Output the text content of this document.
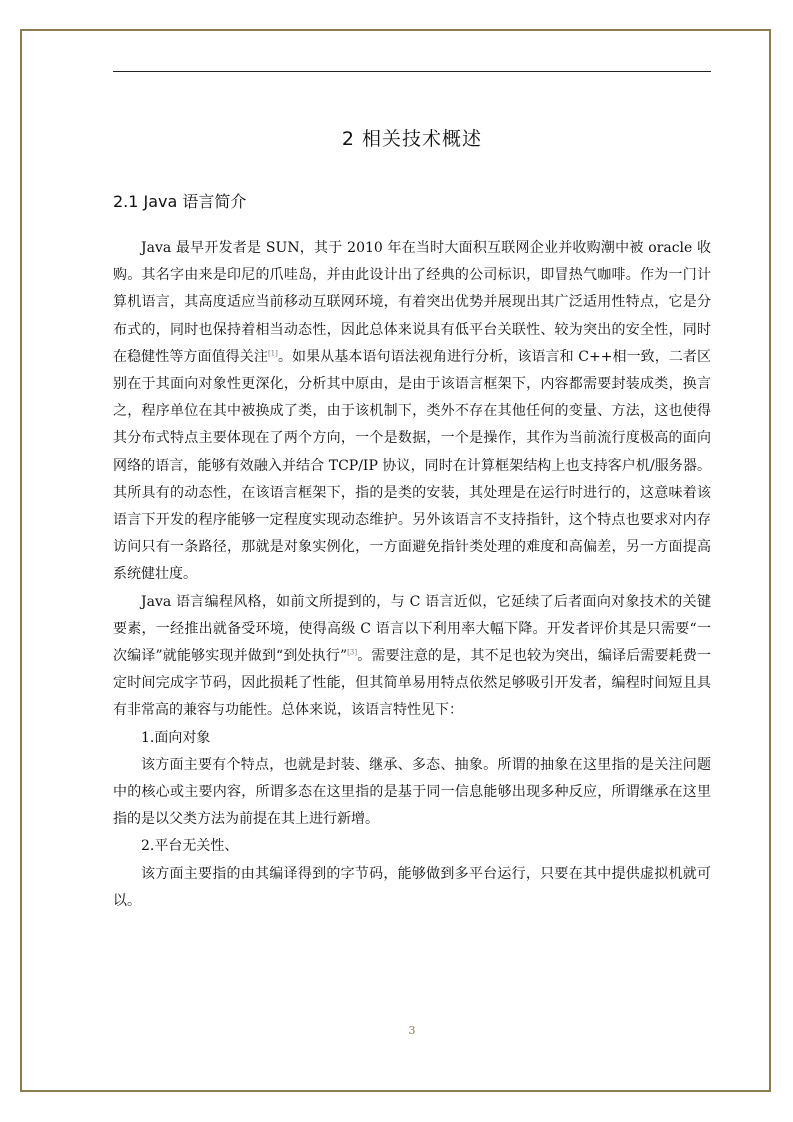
2 相关技术概述
2.1 Java 语言简介

Java 最早开发者是 SUN，其于 2010 年在当时大面积互联网企业并收购潮中被 oracle 收购。其名字由来是印尼的爪哇岛，并由此设计出了经典的公司标识，即冒热气咖啡。作为一门计算机语言，其高度适应当前移动互联网环境，有着突出优势并展现出其广泛适用性特点，它是分布式的，同时也保持着相当动态性，因此总体来说具有低平台关联性、较为突出的安全性，同时在稳健性等方面值得关注[1]。如果从基本语句语法视角进行分析，该语言和 C++相一致，二者区别在于其面向对象性更深化，分析其中原由，是由于该语言框架下，内容都需要封装成类，换言之，程序单位在其中被换成了类，由于该机制下，类外不存在其他任何的变量、方法，这也使得其分布式特点主要体现在了两个方向，一个是数据，一个是操作，其作为当前流行度极高的面向网络的语言，能够有效融入并结合 TCP/IP 协议，同时在计算框架结构上也支持客户机/服务器。其所具有的动态性，在该语言框架下，指的是类的安装，其处理是在运行时进行的，这意味着该语言下开发的程序能够一定程度实现动态维护。另外该语言不支持指针，这个特点也要求对内存访问只有一条路径，那就是对象实例化，一方面避免指针类处理的难度和高偏差，另一方面提高系统健壮度。

Java 语言编程风格，如前文所提到的，与 C 语言近似，它延续了后者面向对象技术的关键要素，一经推出就备受环境，使得高级 C 语言以下利用率大幅下降。开发者评价其是只需要“一次编译”就能够实现并做到“到处执行”[3]。需要注意的是，其不足也较为突出，编译后需要耗费一定时间完成字节码，因此损耗了性能，但其简单易用特点依然足够吸引开发者，编程时间短且具有非常高的兼容与功能性。总体来说，该语言特性见下：

1.面向对象

该方面主要有个特点，也就是封装、继承、多态、抽象。所谓的抽象在这里指的是关注问题中的核心或主要内容，所谓多态在这里指的是基于同一信息能够出现多种反应，所谓继承在这里指的是以父类方法为前提在其上进行新增。

2.平台无关性、

该方面主要指的由其编译得到的字节码，能够做到多平台运行，只要在其中提供虚拟机就可以。

3
